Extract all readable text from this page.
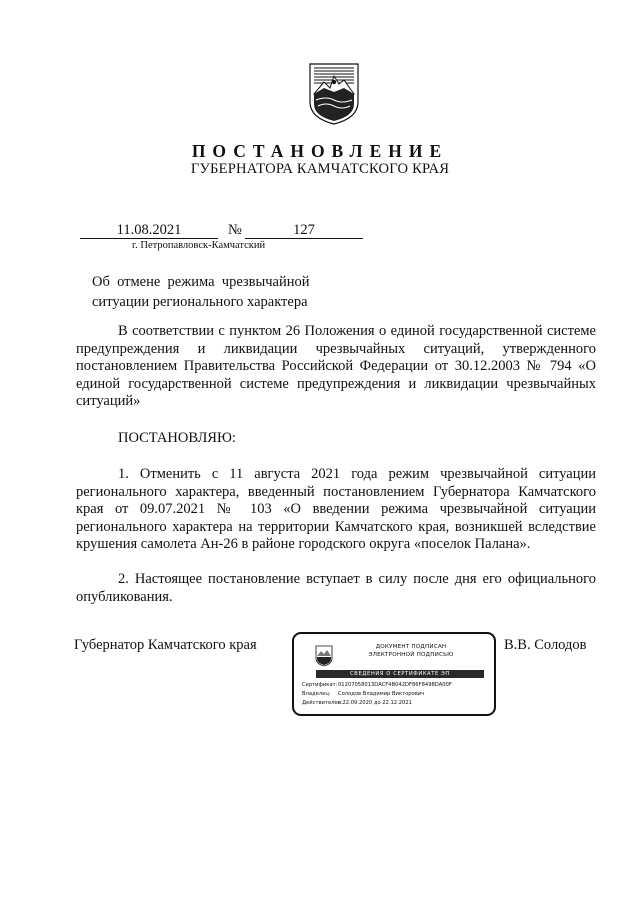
ПОСТАНОВЛЕНИЕ
ГУБЕРНАТОРА КАМЧАТСКОГО КРАЯ
11.08.2021	№	127
г. Петропавловск-Камчатский
Об  отмене  режима  чрезвычайной
ситуации регионального характера
В соответствии с пунктом 26 Положения о единой государственной системе предупреждения и ликвидации чрезвычайных ситуаций, утвержденного постановлением Правительства Российской Федерации от 30.12.2003 № 794 «О единой государственной системе предупреждения и ликвидации чрезвычайных ситуаций»
ПОСТАНОВЛЯЮ:
1. Отменить с 11 августа 2021 года режим чрезвычайной ситуации регионального характера, введенный постановлением Губернатора Камчатского края от 09.07.2021 № 103 «О введении режима чрезвычайной ситуации регионального характера на территории Камчатского края, возникшей вследствие крушения самолета Ан-26 в районе городского округа «поселок Палана».
2. Настоящее постановление вступает в силу после дня его официального опубликования.
Губернатор Камчатского края	В.В. Солодов
ДОКУМЕНТ ПОДПИСАН
ЭЛЕКТРОННОЙ ПОДПИСЬЮ
СВЕДЕНИЯ О СЕРТИФИКАТЕ ЭП
Сертификат:01207058013DACF4B042DF86F8498DA00F
Владелец: Солодов Владимир Викторович
Действителен:с 22.09.2020 до 22.12.2021
